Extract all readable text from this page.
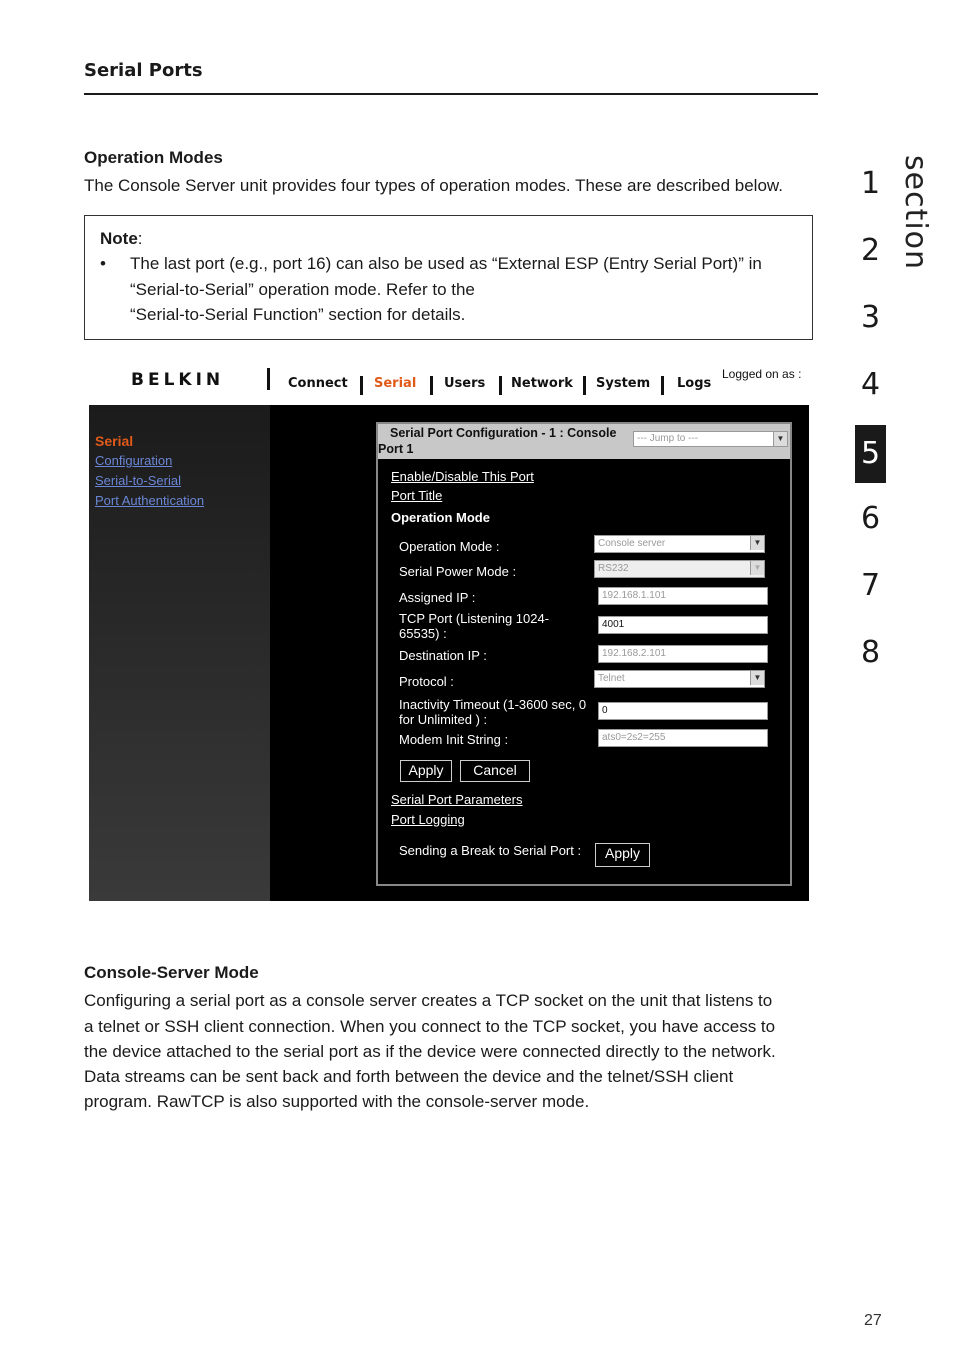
Serial Ports
Operation Modes
The Console Server unit provides four types of operation modes. These are described below.
Note:
• The last port (e.g., port 16) can also be used as “External ESP (Entry Serial Port)” in
“Serial-to-Serial” operation mode. Refer to the
“Serial-to-Serial Function” section for details.
BELKIN	Connect Serial Users Network System Logs
Logged on as :
Serial
Configuration
Serial-to-Serial
Port Authentication
Serial Port Configuration - 1 : Console
Port 1
--- Jump to ---	▼
Enable/Disable This Port
Port Title
Operation Mode
Operation Mode :	Console server	▼
Serial Power Mode :	RS232	▼
Assigned IP :	192.168.1.101
TCP Port (Listening 1024-
65535) :
4001
Destination IP :	192.168.2.101
Protocol :	Telnet	▼
Inactivity Timeout (1-3600 sec, 0
for Unlimited ) :
0
Modem Init String :	ats0=2s2=255
Apply	Cancel
Serial Port Parameters
Port Logging
Sending a Break to Serial Port :	Apply
Console-Server Mode
Configuring a serial port as a console server creates a TCP socket on the unit that listens to
a telnet or SSH client connection. When you connect to the TCP socket, you have access to
the device attached to the serial port as if the device were connected directly to the network.
Data streams can be sent back and forth between the device and the telnet/SSH client
program. RawTCP is also supported with the console-server mode.
section
1
2
3
4
5
6
7
8
27
